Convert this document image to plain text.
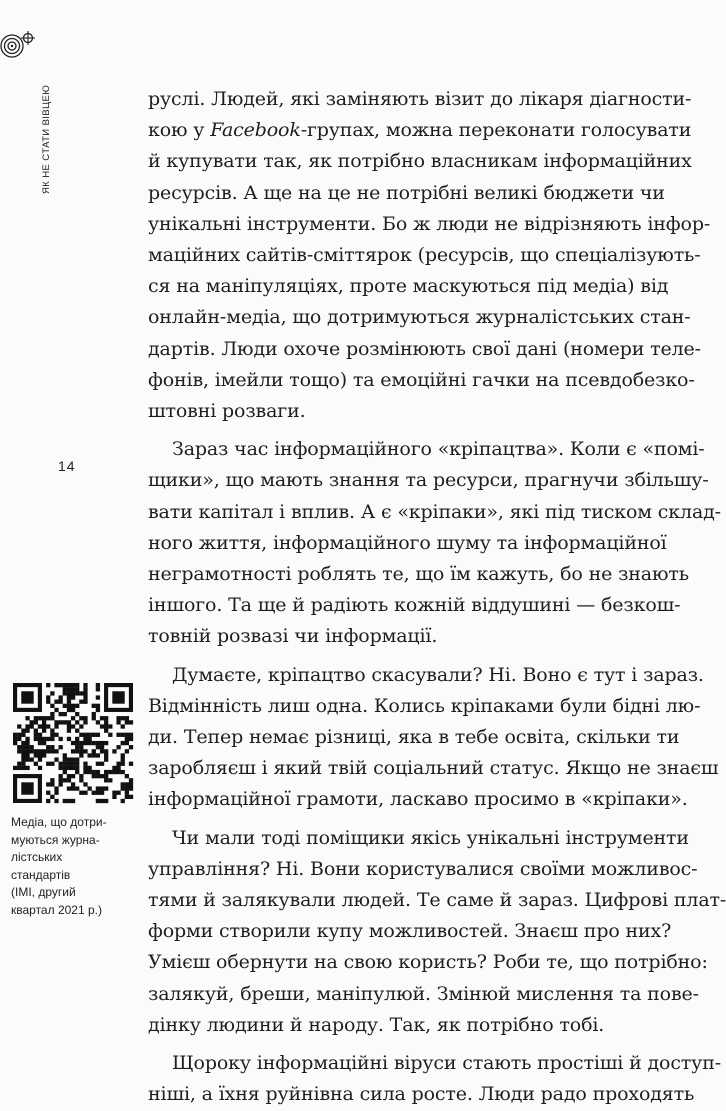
ЯК НЕ СТАТИ ВІВЦЕЮ
14
Медіа, що дотри-
муються журна-
лістських
стандартів
(IMI, другий
квартал 2021 р.)

руслі. Людей, які заміняють візит до лікаря діагности-
кою у Facebook-групах, можна переконати голосувати
й купувати так, як потрібно власникам інформаційних
ресурсів. А ще на це не потрібні великі бюджети чи
унікальні інструменти. Бо ж люди не відрізняють інфор-
маційних сайтів-сміттярок (ресурсів, що спеціалізують-
ся на маніпуляціях, проте маскуються під медіа) від
онлайн-медіа, що дотримуються журналістських стан-
дартів. Люди охоче розмінюють свої дані (номери теле-
фонів, імейли тощо) та емоційні гачки на псевдобезко-
штовні розваги.

Зараз час інформаційного «кріпацтва». Коли є «помі-
щики», що мають знання та ресурси, прагнучи збільшу-
вати капітал і вплив. А є «кріпаки», які під тиском склад-
ного життя, інформаційного шуму та інформаційної
неграмотності роблять те, що їм кажуть, бо не знають
іншого. Та ще й радіють кожній віддушині — безкош-
товній розвазі чи інформації.

Думаєте, кріпацтво скасували? Ні. Воно є тут і зараз.
Відмінність лиш одна. Колись кріпаками були бідні лю-
ди. Тепер немає різниці, яка в тебе освіта, скільки ти
заробляєш і який твій соціальний статус. Якщо не знаєш
інформаційної грамоти, ласкаво просимо в «кріпаки».

Чи мали тоді поміщики якісь унікальні інструменти
управління? Ні. Вони користувалися своїми можливос-
тями й залякували людей. Те саме й зараз. Цифрові плат-
форми створили купу можливостей. Знаєш про них?
Умієш обернути на свою користь? Роби те, що потрібно:
залякуй, бреши, маніпулюй. Змінюй мислення та пове-
дінку людини й народу. Так, як потрібно тобі.

Щороку інформаційні віруси стають простіші й доступ-
ніші, а їхня руйнівна сила росте. Люди радо проходять
